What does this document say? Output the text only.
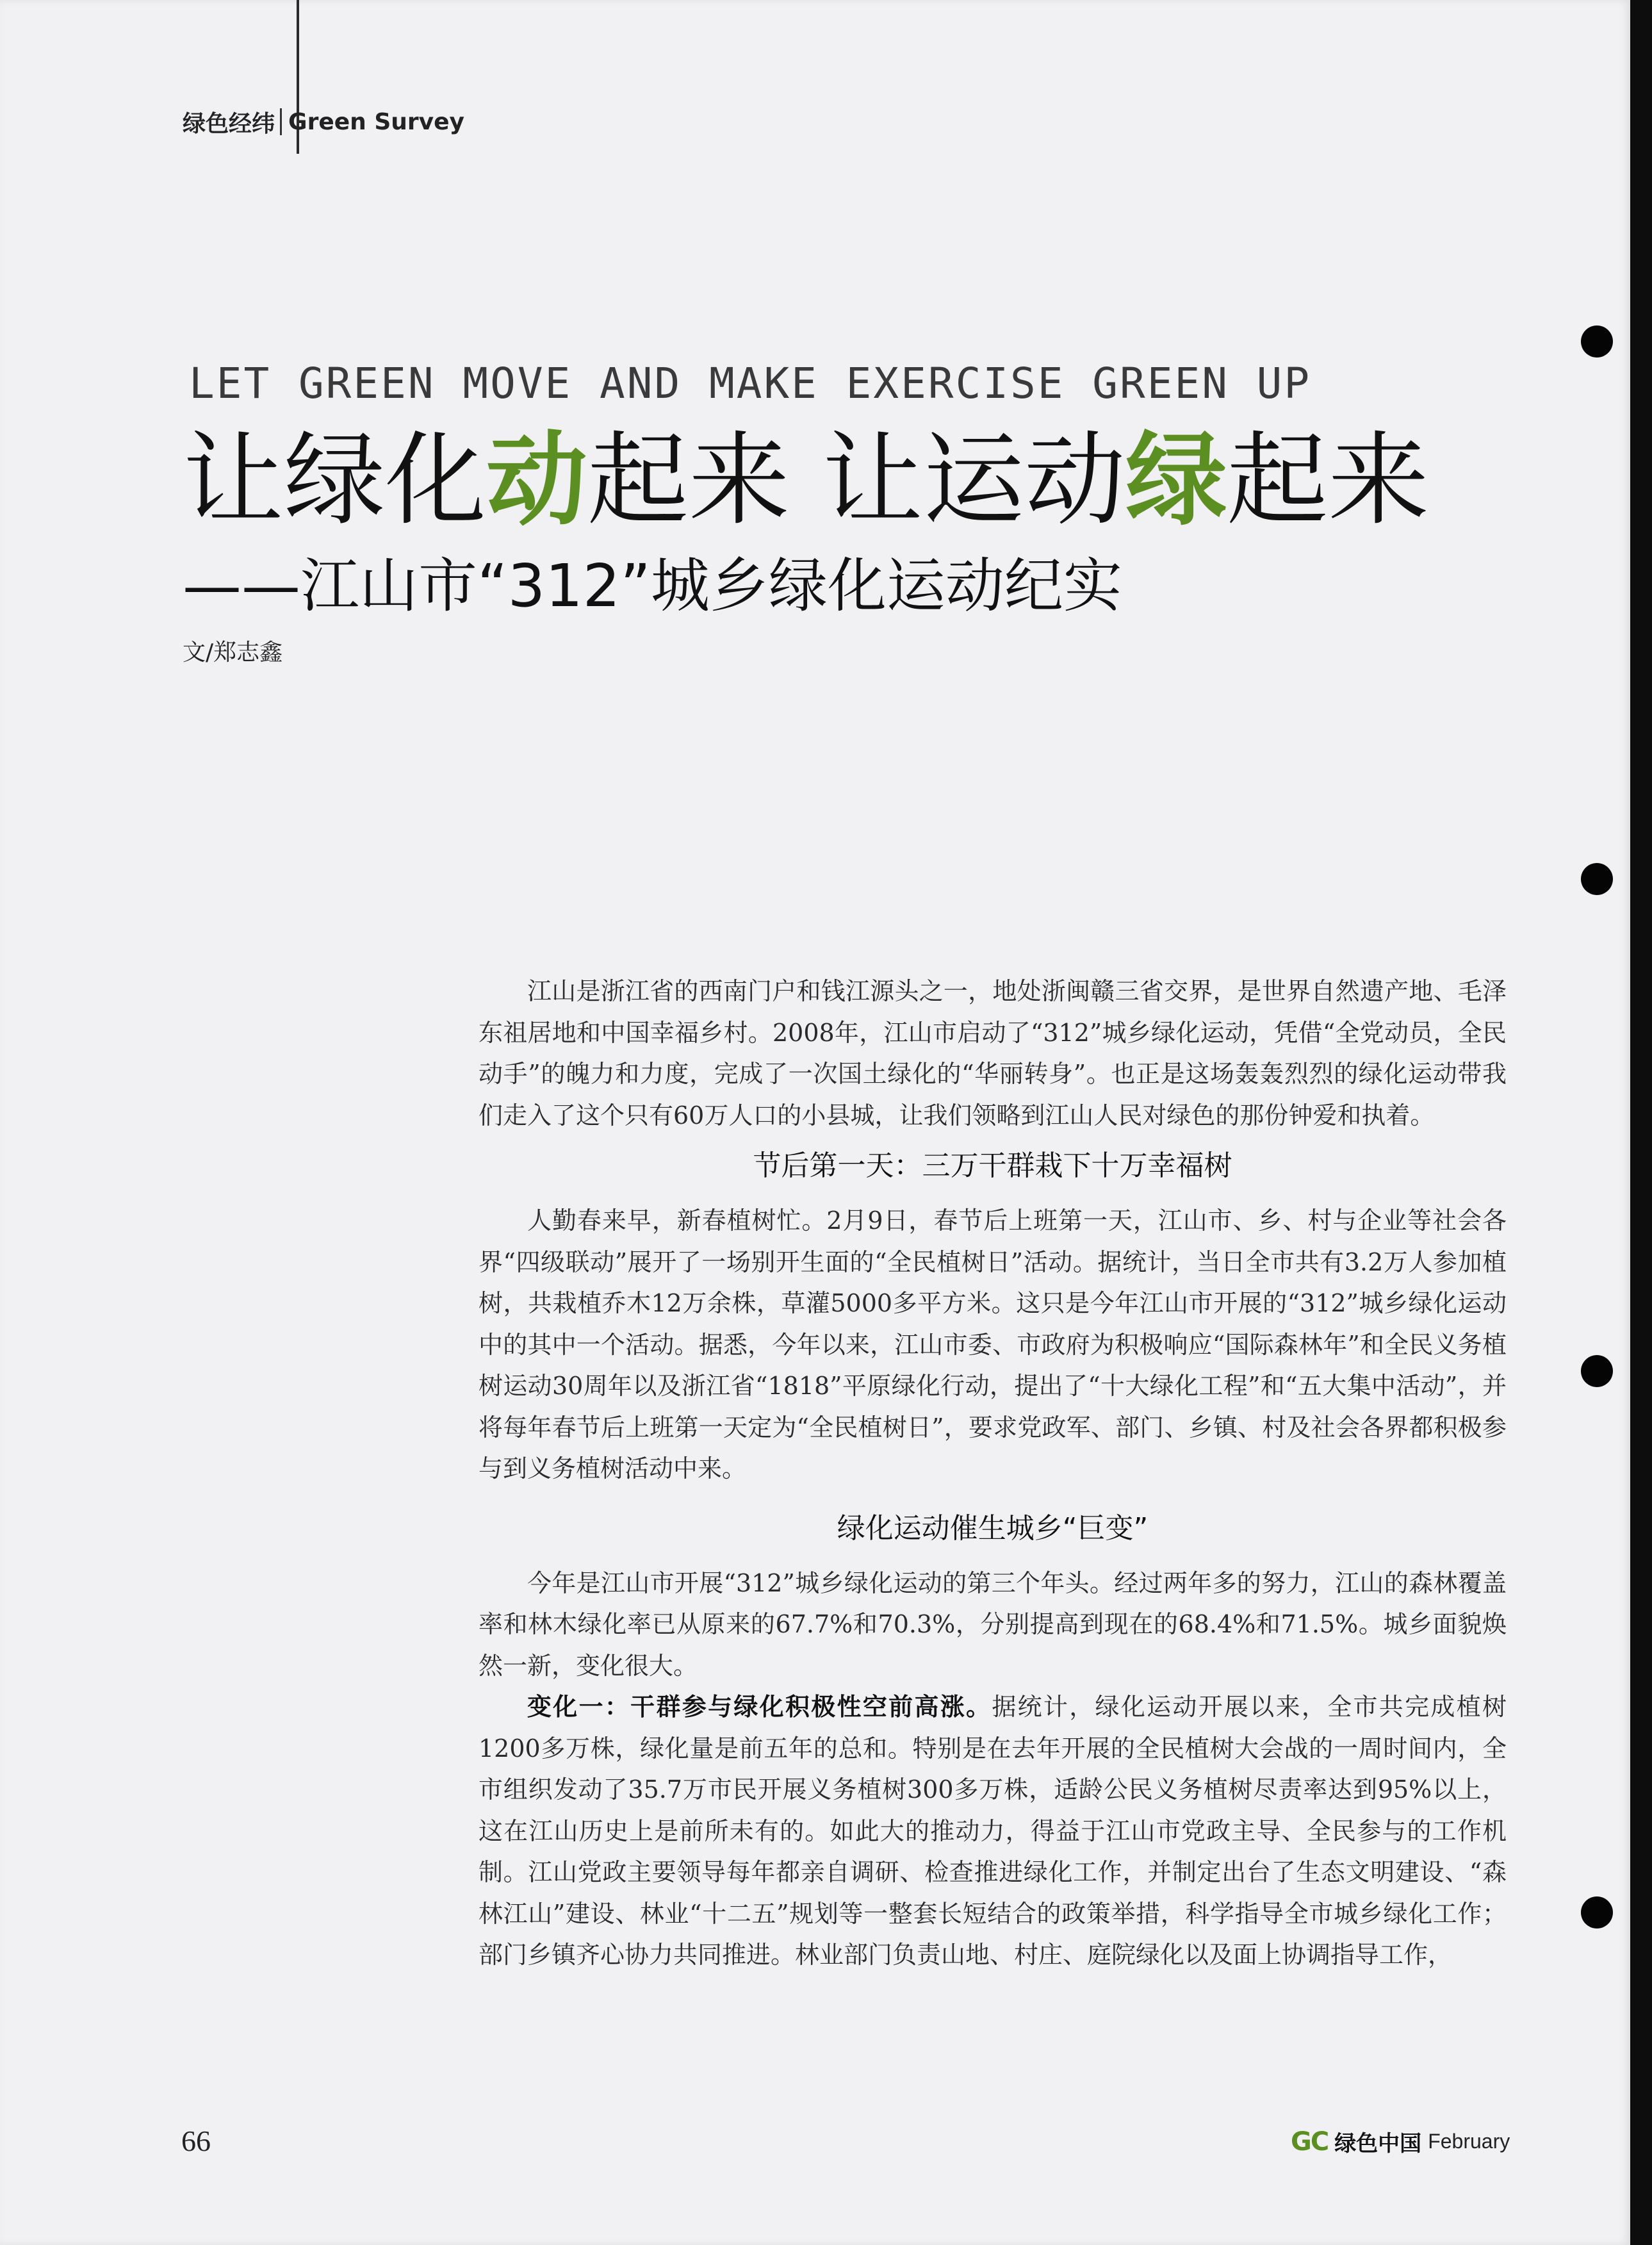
绿色经纬 Green Survey
LET GREEN MOVE AND MAKE EXERCISE GREEN UP
让绿化动起来 让运动绿起来
——江山市“312”城乡绿化运动纪实
文/郑志鑫

江山是浙江省的西南门户和钱江源头之一，地处浙闽赣三省交界，是世界自然遗产地、毛泽东祖居地和中国幸福乡村。2008年，江山市启动了“312”城乡绿化运动，凭借“全党动员，全民动手”的魄力和力度，完成了一次国土绿化的“华丽转身”。也正是这场轰轰烈烈的绿化运动带我们走入了这个只有60万人口的小县城，让我们领略到江山人民对绿色的那份钟爱和执着。

节后第一天：三万干群栽下十万幸福树

人勤春来早，新春植树忙。2月9日，春节后上班第一天，江山市、乡、村与企业等社会各界“四级联动”展开了一场别开生面的“全民植树日”活动。据统计，当日全市共有3.2万人参加植树，共栽植乔木12万余株，草灌5000多平方米。这只是今年江山市开展的“312”城乡绿化运动中的其中一个活动。据悉，今年以来，江山市委、市政府为积极响应“国际森林年”和全民义务植树运动30周年以及浙江省“1818”平原绿化行动，提出了“十大绿化工程”和“五大集中活动”，并将每年春节后上班第一天定为“全民植树日”，要求党政军、部门、乡镇、村及社会各界都积极参与到义务植树活动中来。

绿化运动催生城乡“巨变”

今年是江山市开展“312”城乡绿化运动的第三个年头。经过两年多的努力，江山的森林覆盖率和林木绿化率已从原来的67.7%和70.3%，分别提高到现在的68.4%和71.5%。城乡面貌焕然一新，变化很大。

变化一：干群参与绿化积极性空前高涨。据统计，绿化运动开展以来，全市共完成植树1200多万株，绿化量是前五年的总和。特别是在去年开展的全民植树大会战的一周时间内，全市组织发动了35.7万市民开展义务植树300多万株，适龄公民义务植树尽责率达到95%以上，这在江山历史上是前所未有的。如此大的推动力，得益于江山市党政主导、全民参与的工作机制。江山党政主要领导每年都亲自调研、检查推进绿化工作，并制定出台了生态文明建设、“森林江山”建设、林业“十二五”规划等一整套长短结合的政策举措，科学指导全市城乡绿化工作；部门乡镇齐心协力共同推进。林业部门负责山地、村庄、庭院绿化以及面上协调指导工作，

66	GC 绿色中国 February
